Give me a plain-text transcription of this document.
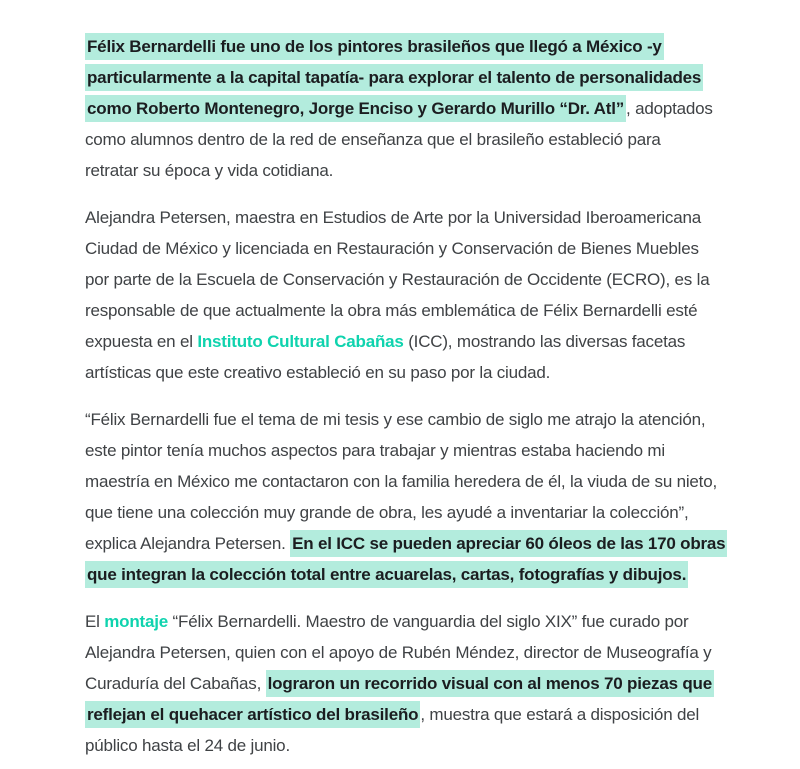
Félix Bernardelli fue uno de los pintores brasileños que llegó a México -y
particularmente a la capital tapatía- para explorar el talento de personalidades
como Roberto Montenegro, Jorge Enciso y Gerardo Murillo “Dr. Atl” , adoptados
como alumnos dentro de la red de enseñanza que el brasileño estableció para
retratar su época y vida cotidiana.
Alejandra Petersen, maestra en Estudios de Arte por la Universidad Iberoamericana
Ciudad de México y licenciada en Restauración y Conservación de Bienes Muebles
por parte de la Escuela de Conservación y Restauración de Occidente (ECRO), es la
responsable de que actualmente la obra más emblemática de Félix Bernardelli esté
expuesta en el Instituto Cultural Cabañas (ICC), mostrando las diversas facetas
artísticas que este creativo estableció en su paso por la ciudad.
“Félix Bernardelli fue el tema de mi tesis y ese cambio de siglo me atrajo la atención,
este pintor tenía muchos aspectos para trabajar y mientras estaba haciendo mi
maestría en México me contactaron con la familia heredera de él, la viuda de su nieto,
que tiene una colección muy grande de obra, les ayudé a inventariar la colección”,
explica Alejandra Petersen. En el ICC se pueden apreciar 60 óleos de las 170 obras
que integran la colección total entre acuarelas, cartas, fotografías y dibujos.
El montaje “Félix Bernardelli. Maestro de vanguardia del siglo XIX” fue curado por
Alejandra Petersen, quien con el apoyo de Rubén Méndez, director de Museografía y
Curaduría del Cabañas, lograron un recorrido visual con al menos 70 piezas que
reflejan el quehacer artístico del brasileño , muestra que estará a disposición del
público hasta el 24 de junio.
